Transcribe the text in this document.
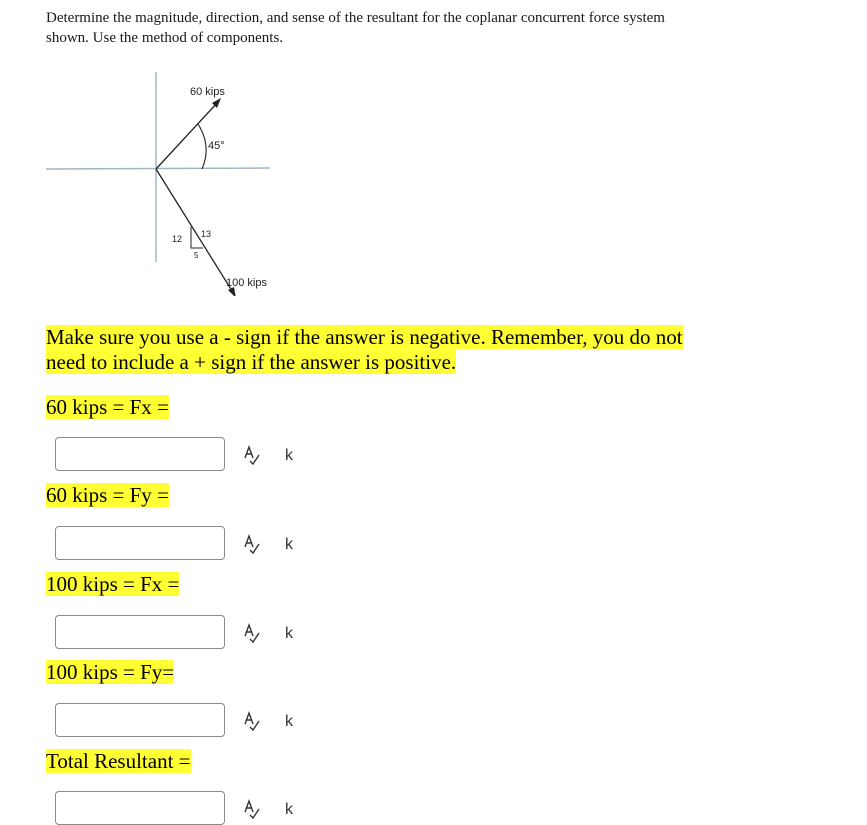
Determine the magnitude, direction, and sense of the resultant for the coplanar concurrent force system shown. Use the method of components.
60 kips
45°
12 13
5
100 kips
Make sure you use a - sign if the answer is negative. Remember, you do not need to include a + sign if the answer is positive.
60 kips = Fx =
k
60 kips = Fy =
k
100 kips = Fx =
k
100 kips = Fy=
k
Total Resultant =
k
